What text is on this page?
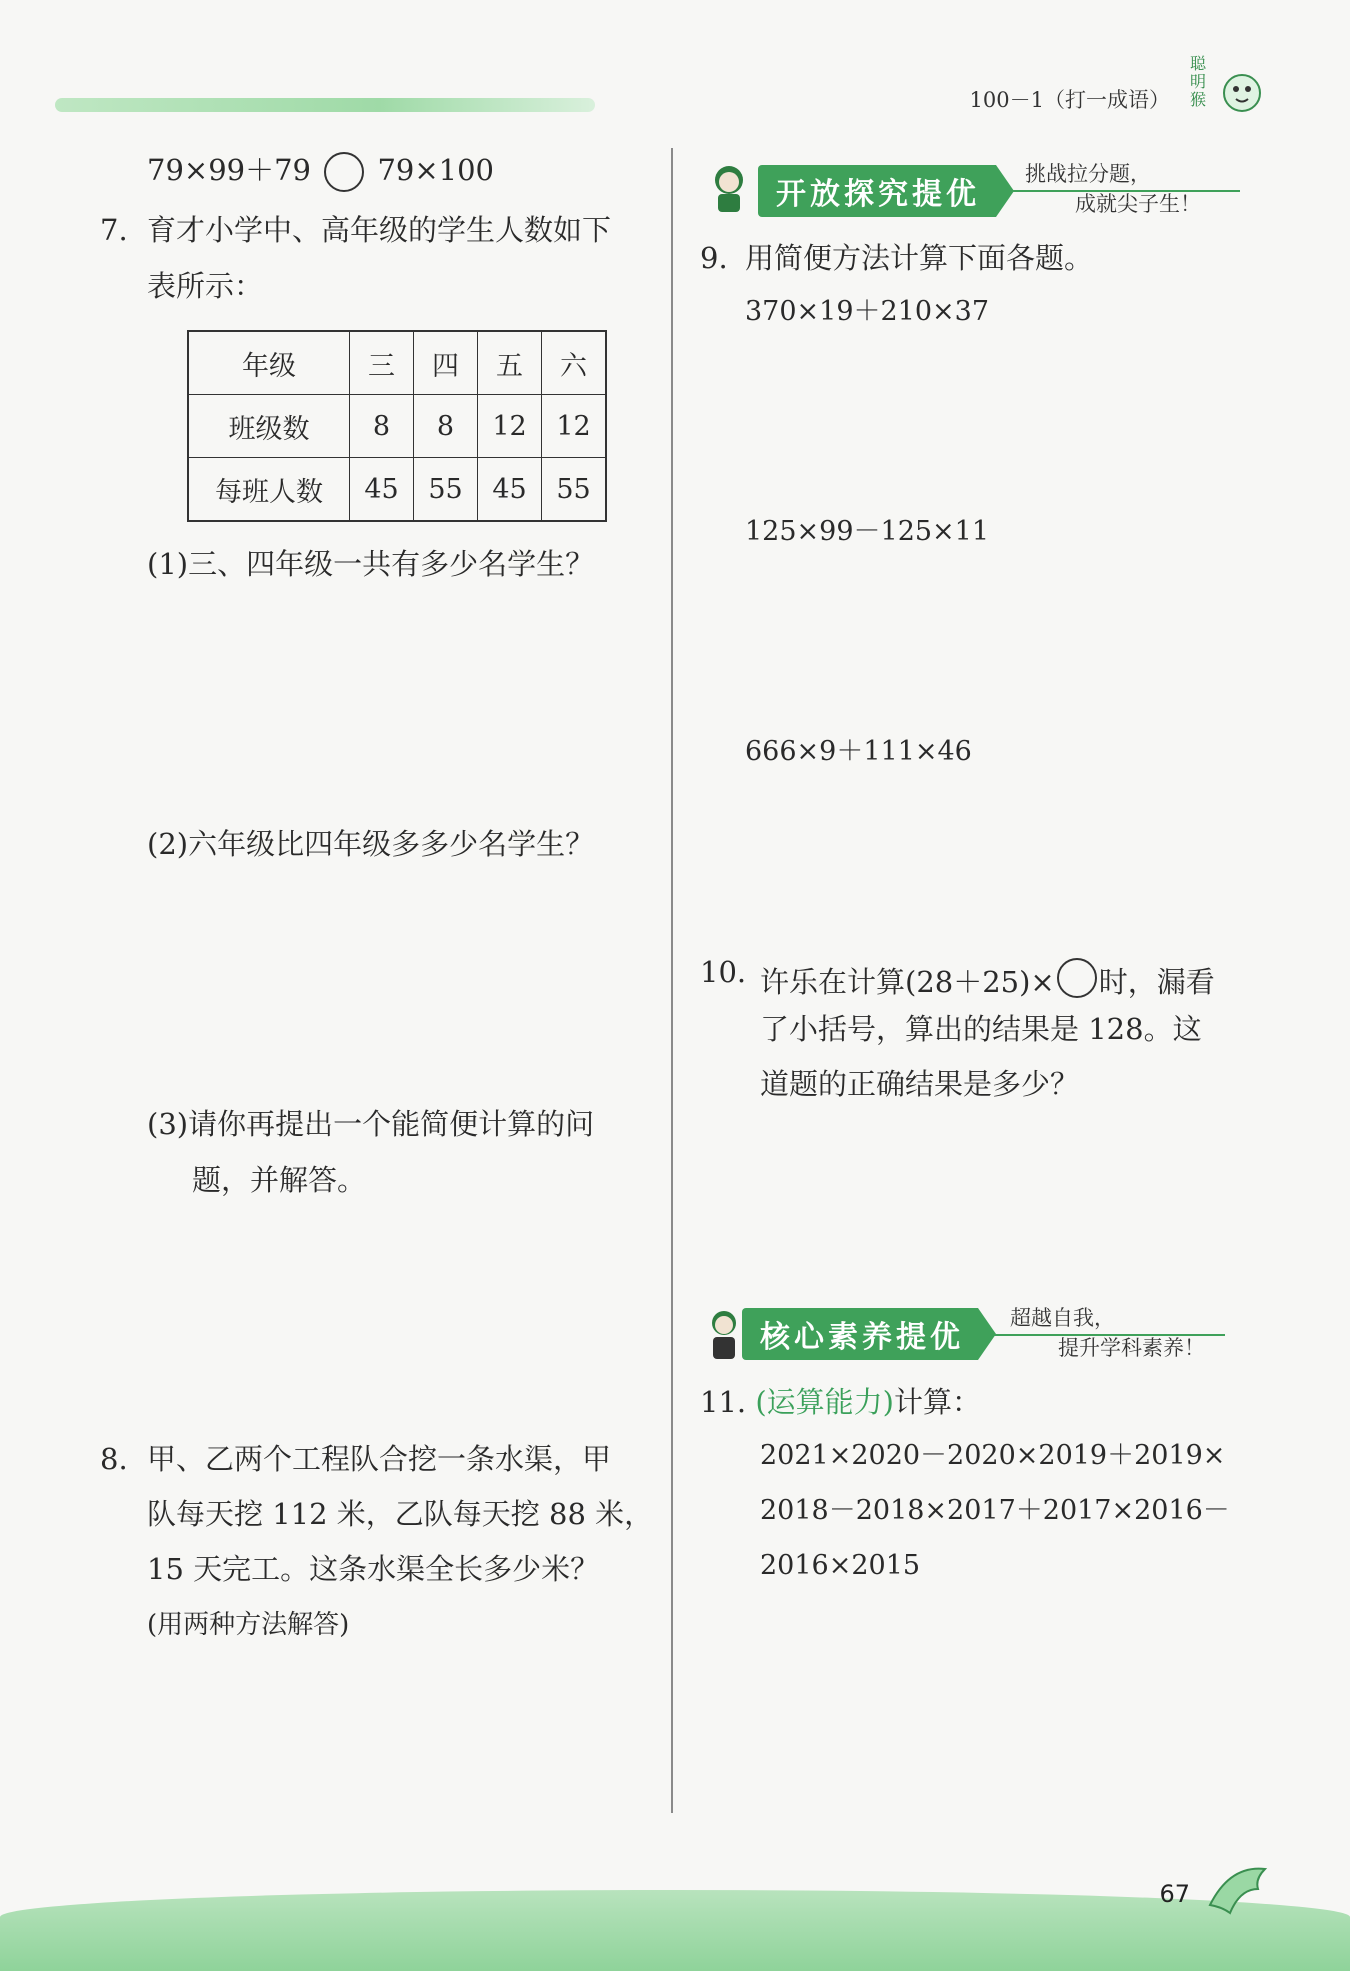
100－1（打一成语）
聪明猴
79×99＋79 79×100
7. 育才小学中、高年级的学生人数如下
表所示：
年级	三	四	五	六
班级数	8	8	12	12
每班人数	45	55	45	55
(1)三、四年级一共有多少名学生？
(2)六年级比四年级多多少名学生？
(3)请你再提出一个能简便计算的问
题，并解答。
8. 甲、乙两个工程队合挖一条水渠，甲
队每天挖 112 米，乙队每天挖 88 米，
15 天完工。这条水渠全长多少米？
(用两种方法解答)
开放探究提优
挑战拉分题，
成就尖子生！
9. 用简便方法计算下面各题。
370×19＋210×37
125×99－125×11
666×9＋111×46
10. 许乐在计算(28＋25)× 时，漏看
了小括号，算出的结果是 128。这
道题的正确结果是多少？
核心素养提优
超越自我，
提升学科素养！
11. (运算能力)计算：
2021×2020－2020×2019＋2019×
2018－2018×2017＋2017×2016－
2016×2015
67
